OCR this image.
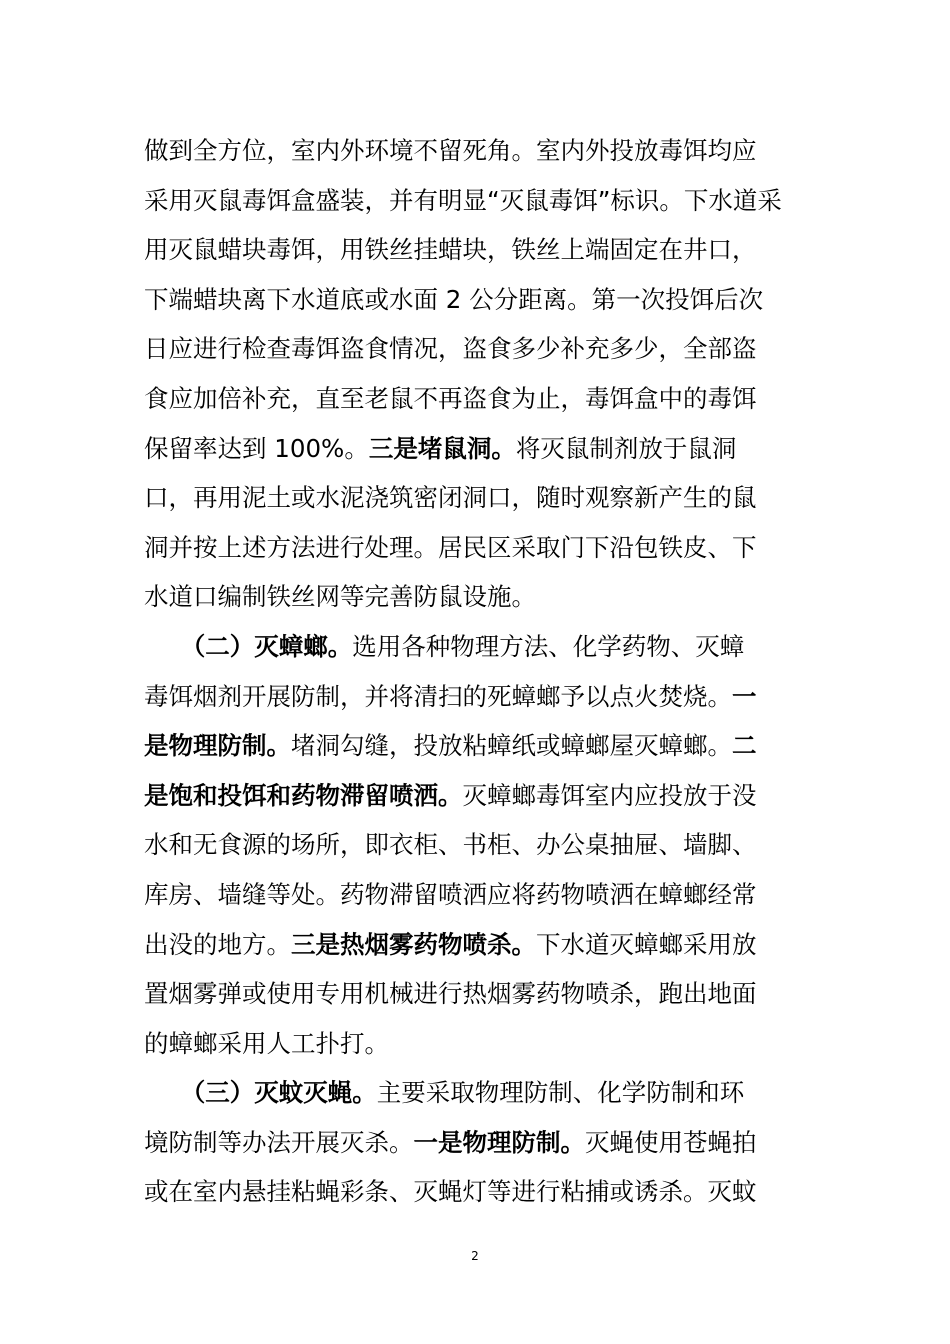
做到全方位，室内外环境不留死角。室内外投放毒饵均应
采用灭鼠毒饵盒盛装，并有明显“灭鼠毒饵”标识。下水道采
用灭鼠蜡块毒饵，用铁丝挂蜡块，铁丝上端固定在井口，
下端蜡块离下水道底或水面 2 公分距离。第一次投饵后次
日应进行检查毒饵盗食情况，盗食多少补充多少，全部盗
食应加倍补充，直至老鼠不再盗食为止，毒饵盒中的毒饵
保留率达到 100%。三是堵鼠洞。将灭鼠制剂放于鼠洞
口，再用泥土或水泥浇筑密闭洞口，随时观察新产生的鼠
洞并按上述方法进行处理。居民区采取门下沿包铁皮、下
水道口编制铁丝网等完善防鼠设施。
　　（二）灭蟑螂。选用各种物理方法、化学药物、灭蟑
毒饵烟剂开展防制，并将清扫的死蟑螂予以点火焚烧。一
是物理防制。堵洞勾缝，投放粘蟑纸或蟑螂屋灭蟑螂。二
是饱和投饵和药物滞留喷洒。灭蟑螂毒饵室内应投放于没
水和无食源的场所，即衣柜、书柜、办公桌抽屉、墙脚、
库房、墙缝等处。药物滞留喷洒应将药物喷洒在蟑螂经常
出没的地方。三是热烟雾药物喷杀。下水道灭蟑螂采用放
置烟雾弹或使用专用机械进行热烟雾药物喷杀，跑出地面
的蟑螂采用人工扑打。
　　（三）灭蚊灭蝇。主要采取物理防制、化学防制和环
境防制等办法开展灭杀。一是物理防制。灭蝇使用苍蝇拍
或在室内悬挂粘蝇彩条、灭蝇灯等进行粘捕或诱杀。灭蚊
2
